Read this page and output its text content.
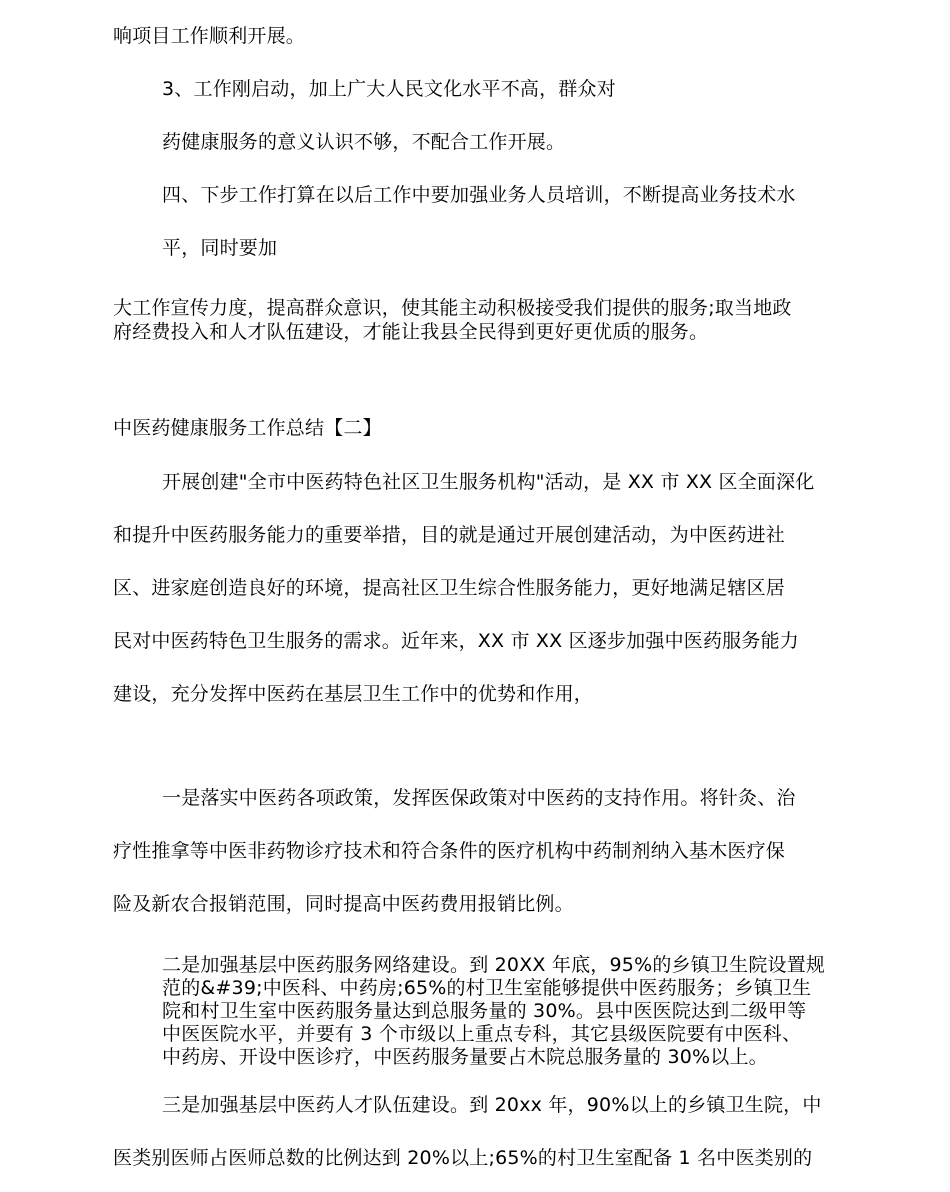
响项目工作顺利开展。

3、工作刚启动，加上广大人民文化水平不高，群众对

药健康服务的意义认识不够，不配合工作开展。

四、下步工作打算在以后工作中要加强业务人员培训，不断提高业务技术水

平，同时要加

大工作宣传力度，提高群众意识，使其能主动积极接受我们提供的服务;取当地政

府经费投入和人才队伍建设，才能让我县全民得到更好更优质的服务。

中医药健康服务工作总结【二】

开展创建"全市中医药特色社区卫生服务机构"活动，是 XX 市 XX 区全面深化

和提升中医药服务能力的重要举措，目的就是通过开展创建活动，为中医药进社

区、进家庭创造良好的环境，提高社区卫生综合性服务能力，更好地满足辖区居

民对中医药特色卫生服务的需求。近年来，XX 市 XX 区逐步加强中医药服务能力

建设，充分发挥中医药在基层卫生工作中的优势和作用，

一是落实中医药各项政策，发挥医保政策对中医药的支持作用。将针灸、治

疗性推拿等中医非药物诊疗技术和符合条件的医疗机构中药制剂纳入基木医疗保

险及新农合报销范围，同时提高中医药费用报销比例。

二是加强基层中医药服务网络建设。到 20XX 年底，95%的乡镇卫生院设置规

范的&#39;中医科、中药房;65%的村卫生室能够提供中医药服务；乡镇卫生

院和村卫生室中医药服务量达到总服务量的 30%。县中医医院达到二级甲等

中医医院水平，并要有 3 个市级以上重点专科，其它县级医院要有中医科、

中药房、开设中医诊疗，中医药服务量要占木院总服务量的 30%以上。

三是加强基层中医药人才队伍建设。到 20xx 年，90%以上的乡镇卫生院，中

医类别医师占医师总数的比例达到 20%以上;65%的村卫生室配备 1 名中医类别的
